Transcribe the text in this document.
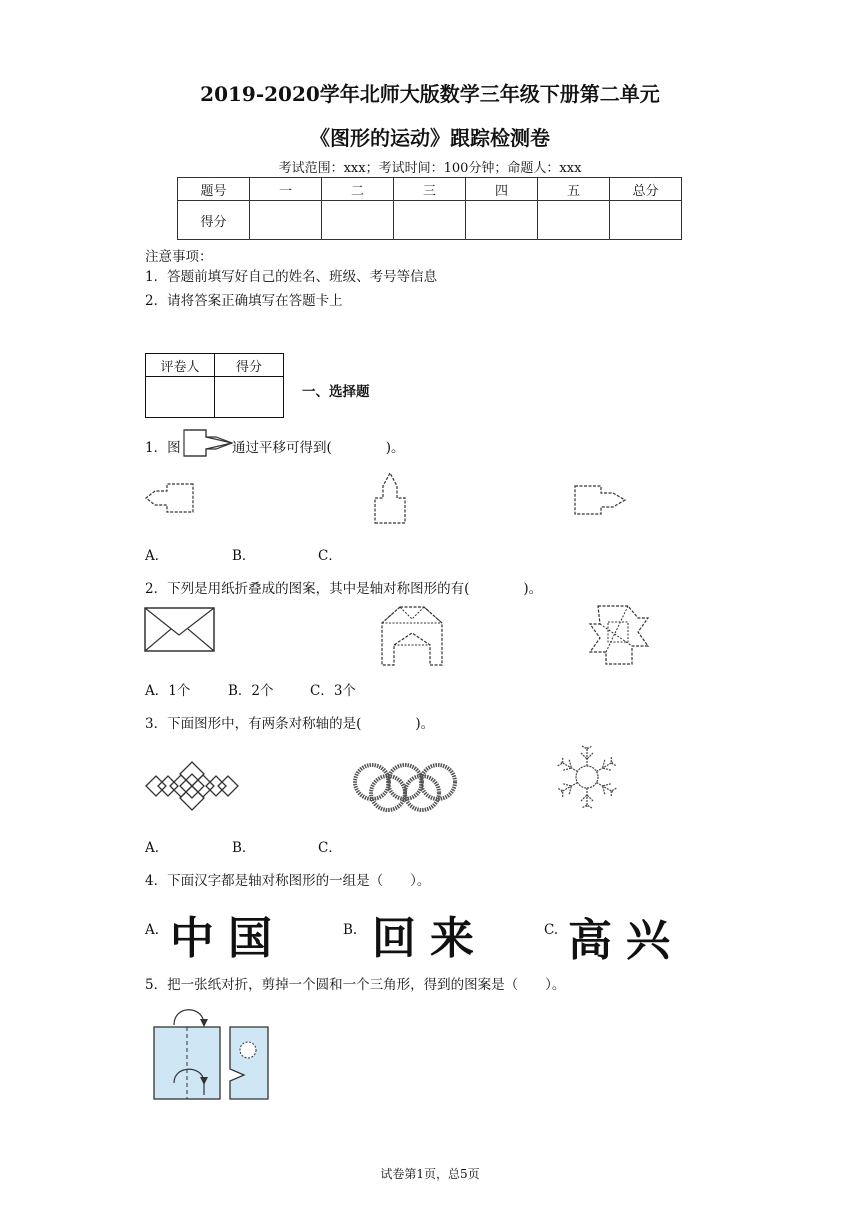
2019-2020学年北师大版数学三年级下册第二单元
《图形的运动》跟踪检测卷
考试范围：xxx；考试时间：100分钟；命题人：xxx
题号	一	二	三	四	五	总分
得分						
注意事项：
1．答题前填写好自己的姓名、班级、考号等信息
2．请将答案正确填写在答题卡上
评卷人	得分

一、选择题
1．图	通过平移可得到(　　　　)。
A．	B．	C．
2．下列是用纸折叠成的图案，其中是轴对称图形的有(　　　　)。
A．1个	B．2个	C．3个
3．下面图形中，有两条对称轴的是(　　　　)。
A．	B．	C．
4．下面汉字都是轴对称图形的一组是（　　）。
A. 中国	B. 回来	C. 高兴
5．把一张纸对折，剪掉一个圆和一个三角形，得到的图案是（　　）。
试卷第1页，总5页
